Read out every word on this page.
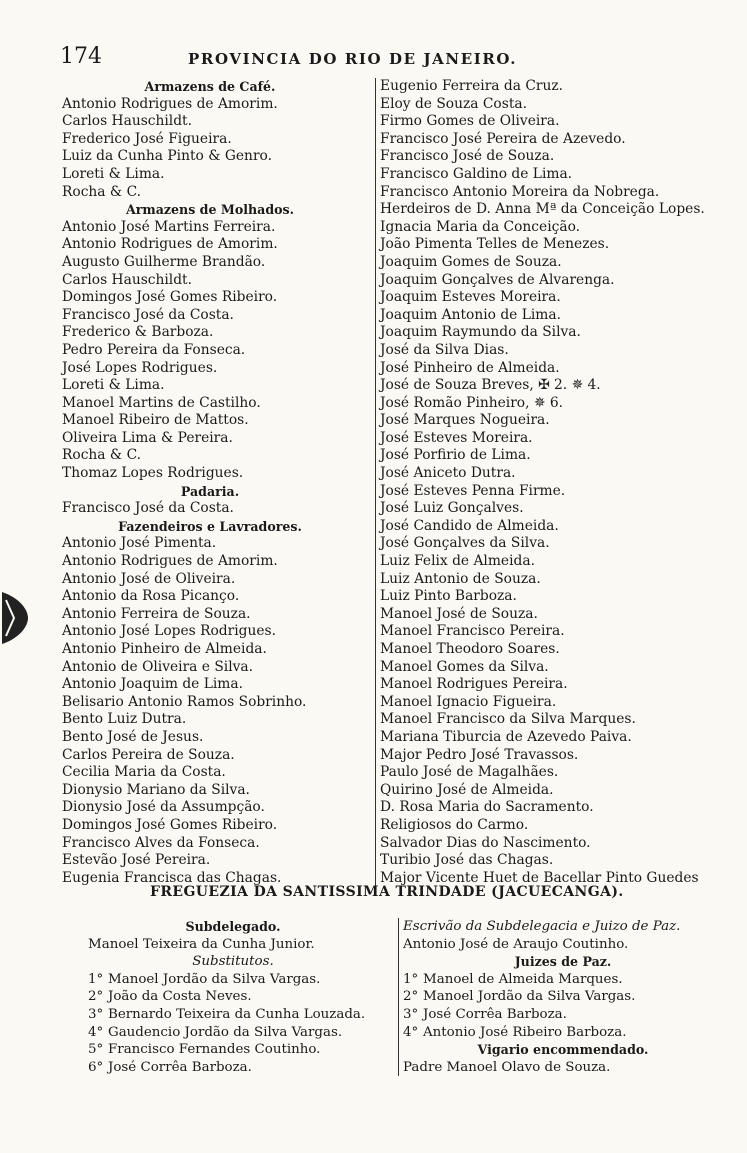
174	PROVINCIA DO RIO DE JANEIRO.
Armazens de Café.
Antonio Rodrigues de Amorim.
Carlos Hauschildt.
Frederico José Figueira.
Luiz da Cunha Pinto & Genro.
Loreti & Lima.
Rocha & C.
Armazens de Molhados.
Antonio José Martins Ferreira.
Antonio Rodrigues de Amorim.
Augusto Guilherme Brandão.
Carlos Hauschildt.
Domingos José Gomes Ribeiro.
Francisco José da Costa.
Frederico & Barboza.
Pedro Pereira da Fonseca.
José Lopes Rodrigues.
Loreti & Lima.
Manoel Martins de Castilho.
Manoel Ribeiro de Mattos.
Oliveira Lima & Pereira.
Rocha & C.
Thomaz Lopes Rodrigues.
Padaria.
Francisco José da Costa.
Fazendeiros e Lavradores.
Antonio José Pimenta.
Antonio Rodrigues de Amorim.
Antonio José de Oliveira.
Antonio da Rosa Picanço.
Antonio Ferreira de Souza.
Antonio José Lopes Rodrigues.
Antonio Pinheiro de Almeida.
Antonio de Oliveira e Silva.
Antonio Joaquim de Lima.
Belisario Antonio Ramos Sobrinho.
Bento Luiz Dutra.
Bento José de Jesus.
Carlos Pereira de Souza.
Cecilia Maria da Costa.
Dionysio Mariano da Silva.
Dionysio José da Assumpção.
Domingos José Gomes Ribeiro.
Francisco Alves da Fonseca.
Estevão José Pereira.
Eugenia Francisca das Chagas.
Eugenio Ferreira da Cruz.
Eloy de Souza Costa.
Firmo Gomes de Oliveira.
Francisco José Pereira de Azevedo.
Francisco José de Souza.
Francisco Galdino de Lima.
Francisco Antonio Moreira da Nobrega.
Herdeiros de D. Anna Mª da Conceição Lopes.
Ignacia Maria da Conceição.
João Pimenta Telles de Menezes.
Joaquim Gomes de Souza.
Joaquim Gonçalves de Alvarenga.
Joaquim Esteves Moreira.
Joaquim Antonio de Lima.
Joaquim Raymundo da Silva.
José da Silva Dias.
José Pinheiro de Almeida.
José de Souza Breves, ✠ 2. ✵ 4.
José Romão Pinheiro, ✵ 6.
José Marques Nogueira.
José Esteves Moreira.
José Porfirio de Lima.
José Aniceto Dutra.
José Esteves Penna Firme.
José Luiz Gonçalves.
José Candido de Almeida.
José Gonçalves da Silva.
Luiz Felix de Almeida.
Luiz Antonio de Souza.
Luiz Pinto Barboza.
Manoel José de Souza.
Manoel Francisco Pereira.
Manoel Theodoro Soares.
Manoel Gomes da Silva.
Manoel Rodrigues Pereira.
Manoel Ignacio Figueira.
Manoel Francisco da Silva Marques.
Mariana Tiburcia de Azevedo Paiva.
Major Pedro José Travassos.
Paulo José de Magalhães.
Quirino José de Almeida.
D. Rosa Maria do Sacramento.
Religiosos do Carmo.
Salvador Dias do Nascimento.
Turibio José das Chagas.
Major Vicente Huet de Bacellar Pinto Guedes
FREGUEZIA DA SANTISSIMA TRINDADE (JACUECANGA).
Subdelegado.
Manoel Teixeira da Cunha Junior.
Substitutos.
1° Manoel Jordão da Silva Vargas.
2° João da Costa Neves.
3° Bernardo Teixeira da Cunha Louzada.
4° Gaudencio Jordão da Silva Vargas.
5° Francisco Fernandes Coutinho.
6° José Corrêa Barboza.
Escrivão da Subdelegacia e Juizo de Paz.
Antonio José de Araujo Coutinho.
Juizes de Paz.
1° Manoel de Almeida Marques.
2° Manoel Jordão da Silva Vargas.
3° José Corrêa Barboza.
4° Antonio José Ribeiro Barboza.
Vigario encommendado.
Padre Manoel Olavo de Souza.
